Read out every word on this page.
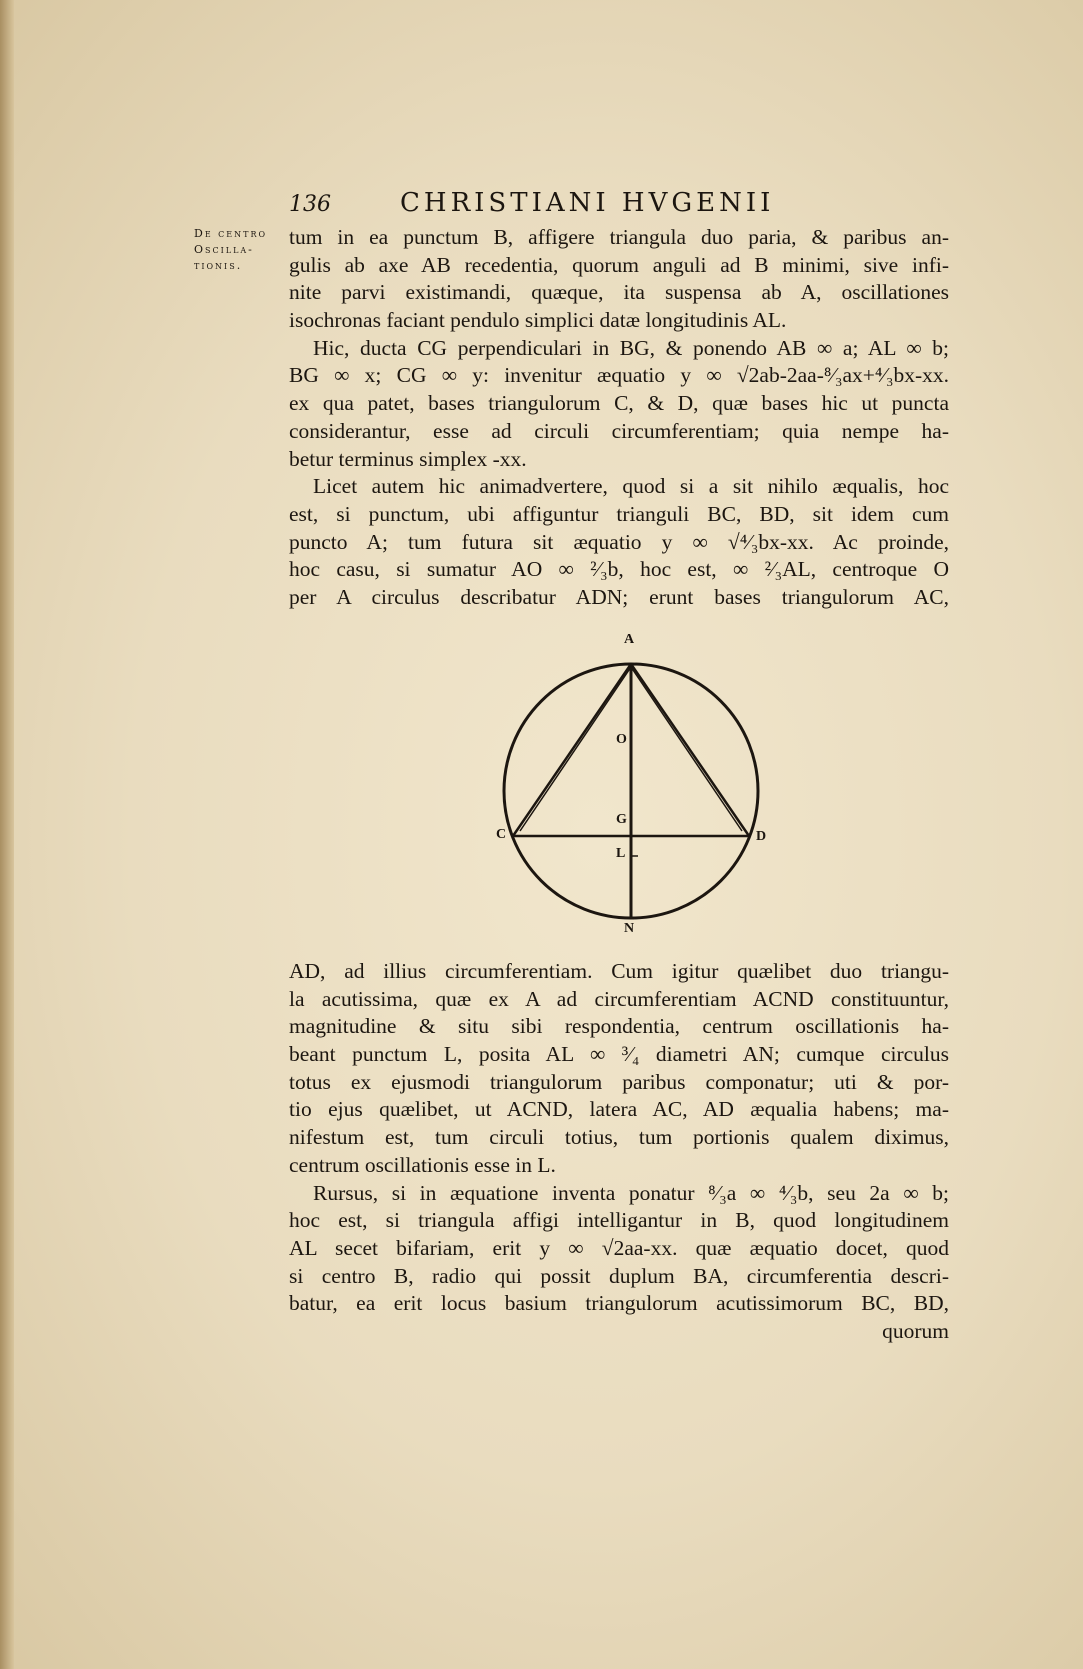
136	CHRISTIANI HVGENII
De centro
Oscilla-
tionis.
tum in ea punctum B, affigere triangula duo paria, & paribus an-
gulis ab axe AB recedentia, quorum anguli ad B minimi, sive infi-
nite parvi existimandi, quæque, ita suspensa ab A, oscillationes
isochronas faciant pendulo simplici datæ longitudinis AL.
Hic, ducta CG perpendiculari in BG, & ponendo AB ∞ a; AL ∞ b;
BG ∞ x; CG ∞ y: invenitur æquatio y ∞ √2ab-2aa-⁸⁄₃ax+⁴⁄₃bx-xx.
ex qua patet, bases triangulorum C, & D, quæ bases hic ut puncta
considerantur, esse ad circuli circumferentiam; quia nempe ha-
betur terminus simplex -xx.
Licet autem hic animadvertere, quod si a sit nihilo æqualis, hoc
est, si punctum, ubi affiguntur trianguli BC, BD, sit idem cum
puncto A; tum futura sit æquatio y ∞ √⁴⁄₃bx-xx. Ac proinde,
hoc casu, si sumatur AO ∞ ²⁄₃b, hoc est, ∞ ²⁄₃AL, centroque O
per A circulus describatur ADN; erunt bases triangulorum AC,
A
O
G
L
C	D
N
AD, ad illius circumferentiam. Cum igitur quælibet duo triangu-
la acutissima, quæ ex A ad circumferentiam ACND constituuntur,
magnitudine & situ sibi respondentia, centrum oscillationis ha-
beant punctum L, posita AL ∞ ³⁄₄ diametri AN; cumque circulus
totus ex ejusmodi triangulorum paribus componatur; uti & por-
tio ejus quælibet, ut ACND, latera AC, AD æqualia habens; ma-
nifestum est, tum circuli totius, tum portionis qualem diximus,
centrum oscillationis esse in L.
Rursus, si in æquatione inventa ponatur ⁸⁄₃a ∞ ⁴⁄₃b, seu 2a ∞ b;
hoc est, si triangula affigi intelligantur in B, quod longitudinem
AL secet bifariam, erit y ∞ √2aa-xx. quæ æquatio docet, quod
si centro B, radio qui possit duplum BA, circumferentia descri-
batur, ea erit locus basium triangulorum acutissimorum BC, BD,
quorum
